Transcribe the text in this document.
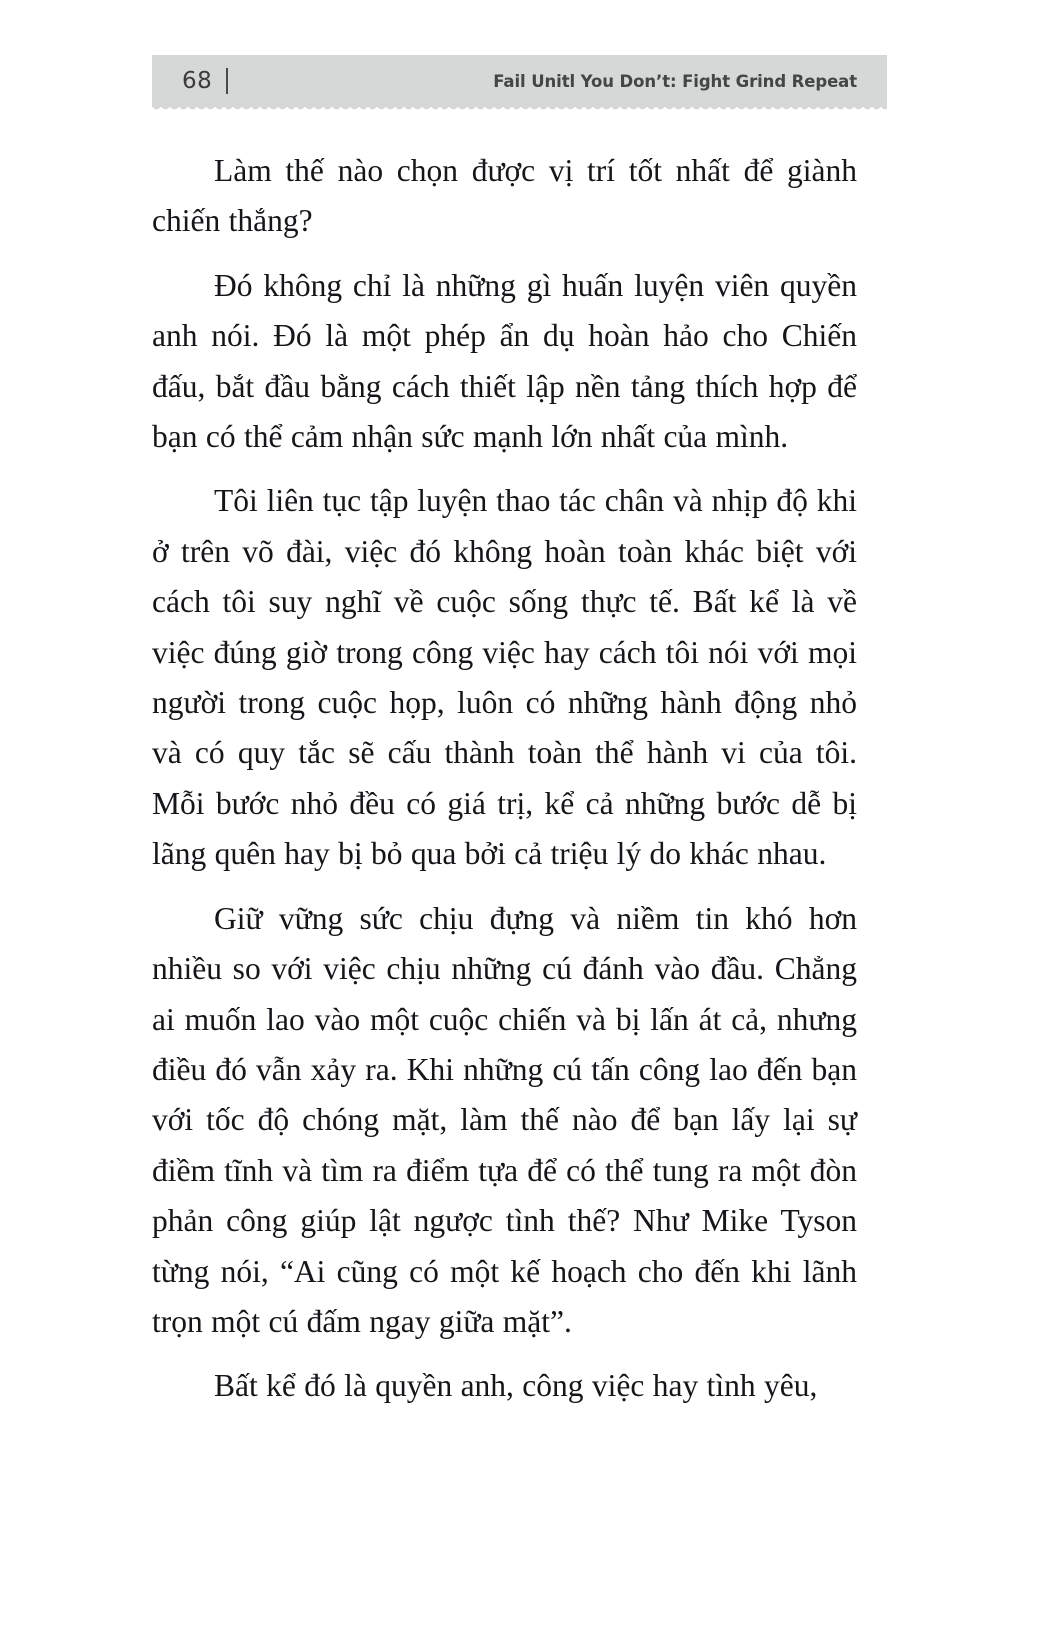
68	Fail Unitl You Don’t: Fight Grind Repeat

Làm thế nào chọn được vị trí tốt nhất để giành chiến thắng?

Đó không chỉ là những gì huấn luyện viên quyền anh nói. Đó là một phép ẩn dụ hoàn hảo cho Chiến đấu, bắt đầu bằng cách thiết lập nền tảng thích hợp để bạn có thể cảm nhận sức mạnh lớn nhất của mình.

Tôi liên tục tập luyện thao tác chân và nhịp độ khi ở trên võ đài, việc đó không hoàn toàn khác biệt với cách tôi suy nghĩ về cuộc sống thực tế. Bất kể là về việc đúng giờ trong công việc hay cách tôi nói với mọi người trong cuộc họp, luôn có những hành động nhỏ và có quy tắc sẽ cấu thành toàn thể hành vi của tôi. Mỗi bước nhỏ đều có giá trị, kể cả những bước dễ bị lãng quên hay bị bỏ qua bởi cả triệu lý do khác nhau.

Giữ vững sức chịu đựng và niềm tin khó hơn nhiều so với việc chịu những cú đánh vào đầu. Chẳng ai muốn lao vào một cuộc chiến và bị lấn át cả, nhưng điều đó vẫn xảy ra. Khi những cú tấn công lao đến bạn với tốc độ chóng mặt, làm thế nào để bạn lấy lại sự điềm tĩnh và tìm ra điểm tựa để có thể tung ra một đòn phản công giúp lật ngược tình thế? Như Mike Tyson từng nói, “Ai cũng có một kế hoạch cho đến khi lãnh trọn một cú đấm ngay giữa mặt”.

Bất kể đó là quyền anh, công việc hay tình yêu,
